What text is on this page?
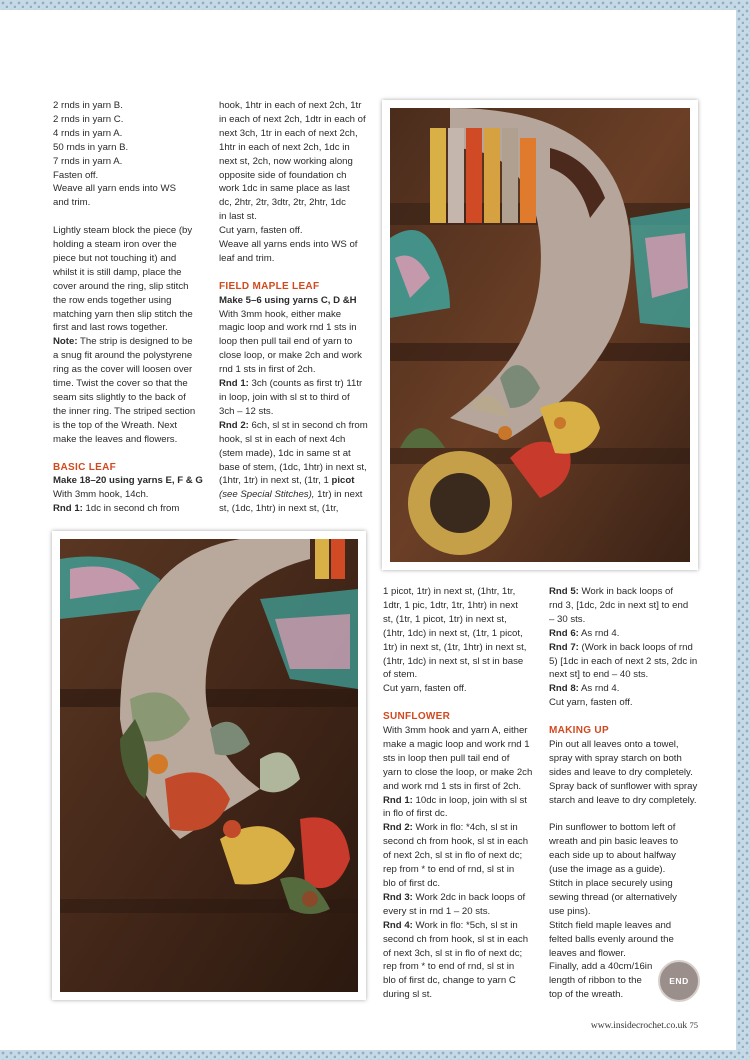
2 rnds in yarn B.

2 rnds in yarn C.

4 rnds in yarn A.

50 rnds in yarn B.

7 rnds in yarn A.

Fasten off.

Weave all yarn ends into WS

and trim.

Lightly steam block the piece (by

holding a steam iron over the

piece but not touching it) and

whilst it is still damp, place the

cover around the ring, slip stitch

the row ends together using

matching yarn then slip stitch the

first and last rows together.

Note: The strip is designed to be

a snug fit around the polystyrene

ring as the cover will loosen over

time. Twist the cover so that the

seam sits slightly to the back of

the inner ring. The striped section

is the top of the Wreath. Next

make the leaves and flowers.

BASIC LEAF

Make 18–20 using yarns E, F & G

With 3mm hook, 14ch.

Rnd 1: 1dc in second ch from

hook, 1htr in each of next 2ch, 1tr

in each of next 2ch, 1dtr in each of

next 3ch, 1tr in each of next 2ch,

1htr in each of next 2ch, 1dc in

next st, 2ch, now working along

opposite side of foundation ch

work 1dc in same place as last

dc, 2htr, 2tr, 3dtr, 2tr, 2htr, 1dc

in last st.

Cut yarn, fasten off.

Weave all yarns ends into WS of

leaf and trim.

FIELD MAPLE LEAF

Make 5–6 using yarns C, D &H

With 3mm hook, either make

magic loop and work rnd 1 sts in

loop then pull tail end of yarn to

close loop, or make 2ch and work

rnd 1 sts in first of 2ch.

Rnd 1: 3ch (counts as first tr) 11tr

in loop, join with sl st to third of

3ch – 12 sts.

Rnd 2: 6ch, sl st in second ch from

hook, sl st in each of next 4ch

(stem made), 1dc in same st at

base of stem, (1dc, 1htr) in next st,

(1htr, 1tr) in next st, (1tr, 1 picot

(see Special Stitches), 1tr) in next

st, (1dc, 1htr) in next st, (1tr,

1 picot, 1tr) in next st, (1htr, 1tr,

1dtr, 1 pic, 1dtr, 1tr, 1htr) in next

st, (1tr, 1 picot, 1tr) in next st,

(1htr, 1dc) in next st, (1tr, 1 picot,

1tr) in next st, (1tr, 1htr) in next st,

(1htr, 1dc) in next st, sl st in base

of stem.

Cut yarn, fasten off.

SUNFLOWER

With 3mm hook and yarn A, either

make a magic loop and work rnd 1

sts in loop then pull tail end of

yarn to close the loop, or make 2ch

and work rnd 1 sts in first of 2ch.

Rnd 1: 10dc in loop, join with sl st

in flo of first dc.

Rnd 2: Work in flo: *4ch, sl st in

second ch from hook, sl st in each

of next 2ch, sl st in flo of next dc;

rep from * to end of rnd, sl st in

blo of first dc.

Rnd 3: Work 2dc in back loops of

every st in rnd 1 – 20 sts.

Rnd 4: Work in flo: *5ch, sl st in

second ch from hook, sl st in each

of next 3ch, sl st in flo of next dc;

rep from * to end of rnd, sl st in

blo of first dc, change to yarn C

during sl st.

Rnd 5: Work in back loops of

rnd 3, [1dc, 2dc in next st] to end

– 30 sts.

Rnd 6: As rnd 4.

Rnd 7: (Work in back loops of rnd

5) [1dc in each of next 2 sts, 2dc in

next st] to end – 40 sts.

Rnd 8: As rnd 4.

Cut yarn, fasten off.

MAKING UP

Pin out all leaves onto a towel,

spray with spray starch on both

sides and leave to dry completely.

Spray back of sunflower with spray

starch and leave to dry completely.

Pin sunflower to bottom left of

wreath and pin basic leaves to

each side up to about halfway

(use the image as a guide).

Stitch in place securely using

sewing thread (or alternatively

use pins).

Stitch field maple leaves and

felted balls evenly around the

leaves and flower.

Finally, add a 40cm/16in

length of ribbon to the

top of the wreath.

END
www.insidecrochet.co.uk 75
